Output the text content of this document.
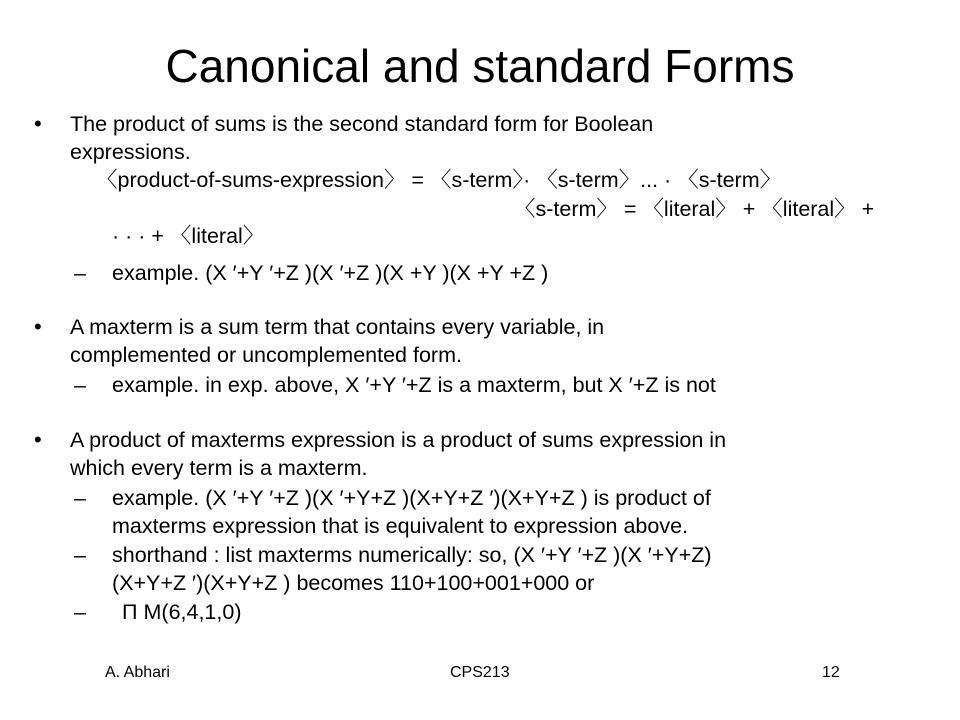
Canonical and standard Forms
• The product of sums is the second standard form for Boolean
expressions.
〈product-of-sums-expression〉 = 〈s-term〉· 〈s-term〉... · 〈s-term〉
〈s-term〉 = 〈literal〉 + 〈literal〉 +
· · · + 〈literal〉
– example. (X ′+Y ′+Z )(X ′+Z )(X +Y )(X +Y +Z )
• A maxterm is a sum term that contains every variable, in
complemented or uncomplemented form.
– example. in exp. above, X ′+Y ′+Z is a maxterm, but X ′+Z is not
• A product of maxterms expression is a product of sums expression in
which every term is a maxterm.
– example. (X ′+Y ′+Z )(X ′+Y+Z )(X+Y+Z ′)(X+Y+Z ) is product of
maxterms expression that is equivalent to expression above.
– shorthand : list maxterms numerically: so, (X ′+Y ′+Z )(X ′+Y+Z)
(X+Y+Z ′)(X+Y+Z ) becomes 110+100+001+000 or
– Π M(6,4,1,0)
A. Abhari	CPS213	12
